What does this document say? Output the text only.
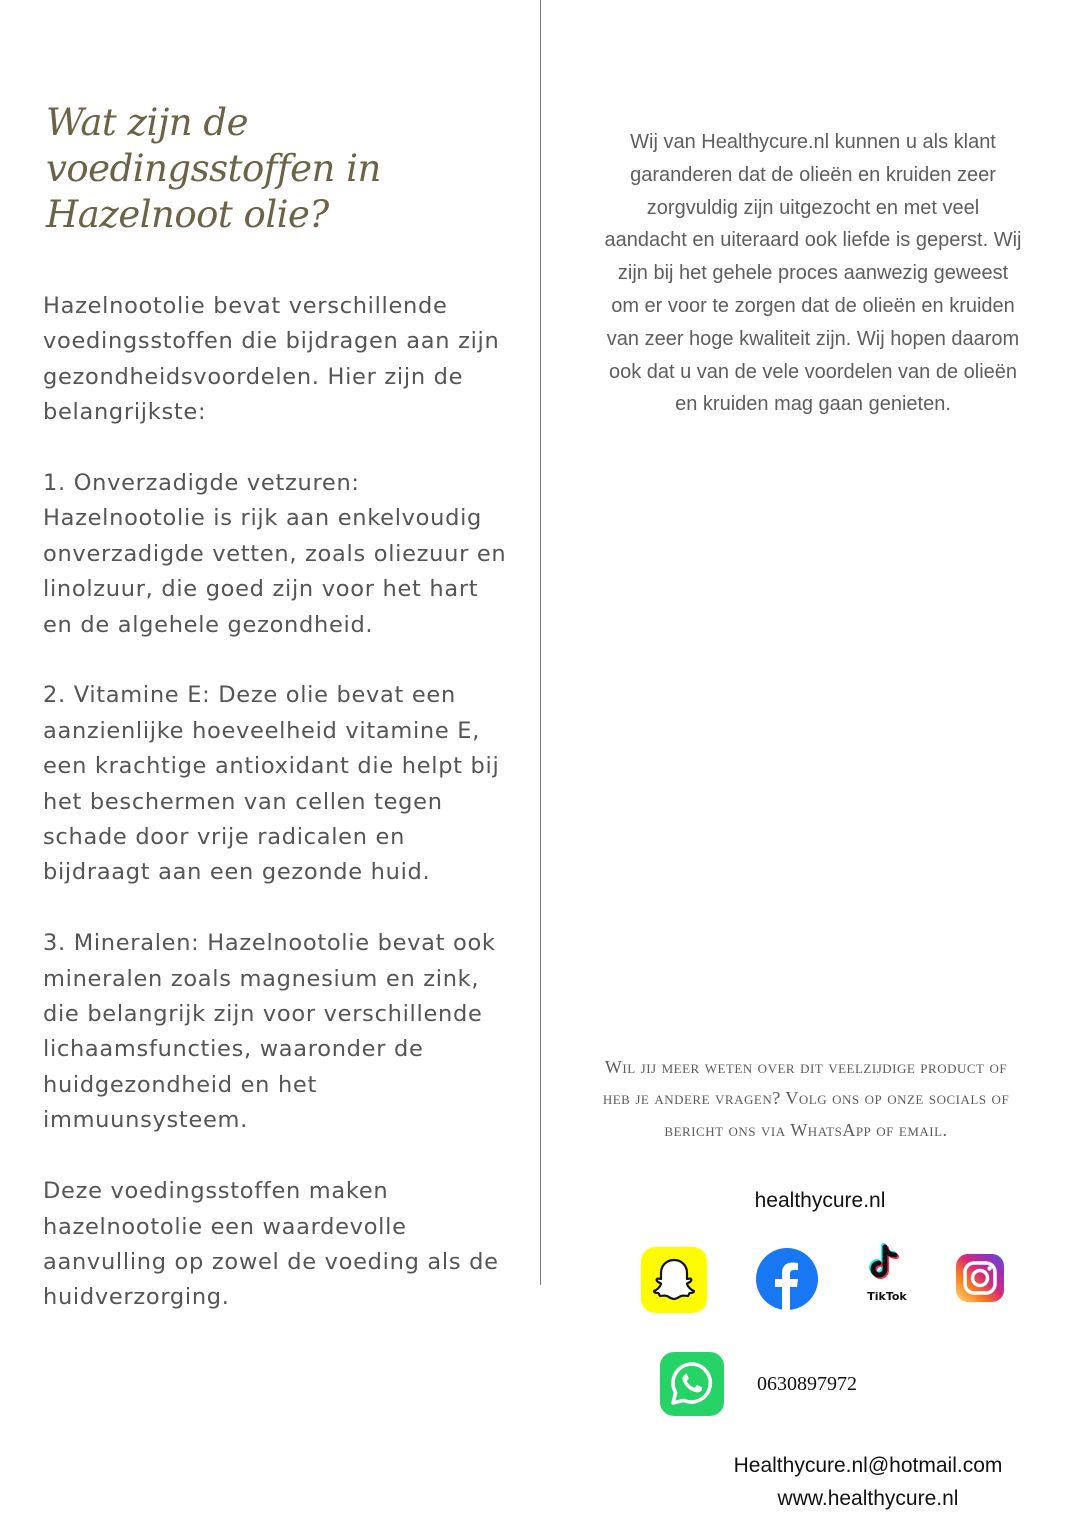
Wat zijn de
voedingsstoffen in
Hazelnoot olie?

Hazelnootolie bevat verschillende voedingsstoffen die bijdragen aan zijn gezondheidsvoordelen. Hier zijn de belangrijkste:

1. Onverzadigde vetzuren: Hazelnootolie is rijk aan enkelvoudig onverzadigde vetten, zoals oliezuur en linolzuur, die goed zijn voor het hart en de algehele gezondheid.

2. Vitamine E: Deze olie bevat een aanzienlijke hoeveelheid vitamine E, een krachtige antioxidant die helpt bij het beschermen van cellen tegen schade door vrije radicalen en bijdraagt aan een gezonde huid.

3. Mineralen: Hazelnootolie bevat ook mineralen zoals magnesium en zink, die belangrijk zijn voor verschillende lichaamsfuncties, waaronder de huidgezondheid en het immuunsysteem.

Deze voedingsstoffen maken hazelnootolie een waardevolle aanvulling op zowel de voeding als de huidverzorging.

Wij van Healthycure.nl kunnen u als klant garanderen dat de olieën en kruiden zeer zorgvuldig zijn uitgezocht en met veel aandacht en uiteraard ook liefde is geperst. Wij zijn bij het gehele proces aanwezig geweest om er voor te zorgen dat de olieën en kruiden van zeer hoge kwaliteit zijn. Wij hopen daarom ook dat u van de vele voordelen van de olieën en kruiden mag gaan genieten.

Wil jij meer weten over dit veelzijdige product of heb je andere vragen? Volg ons op onze socials of bericht ons via WhatsApp of email.
healthycure.nl
TikTok
0630897972
Healthycure.nl@hotmail.com
www.healthycure.nl
